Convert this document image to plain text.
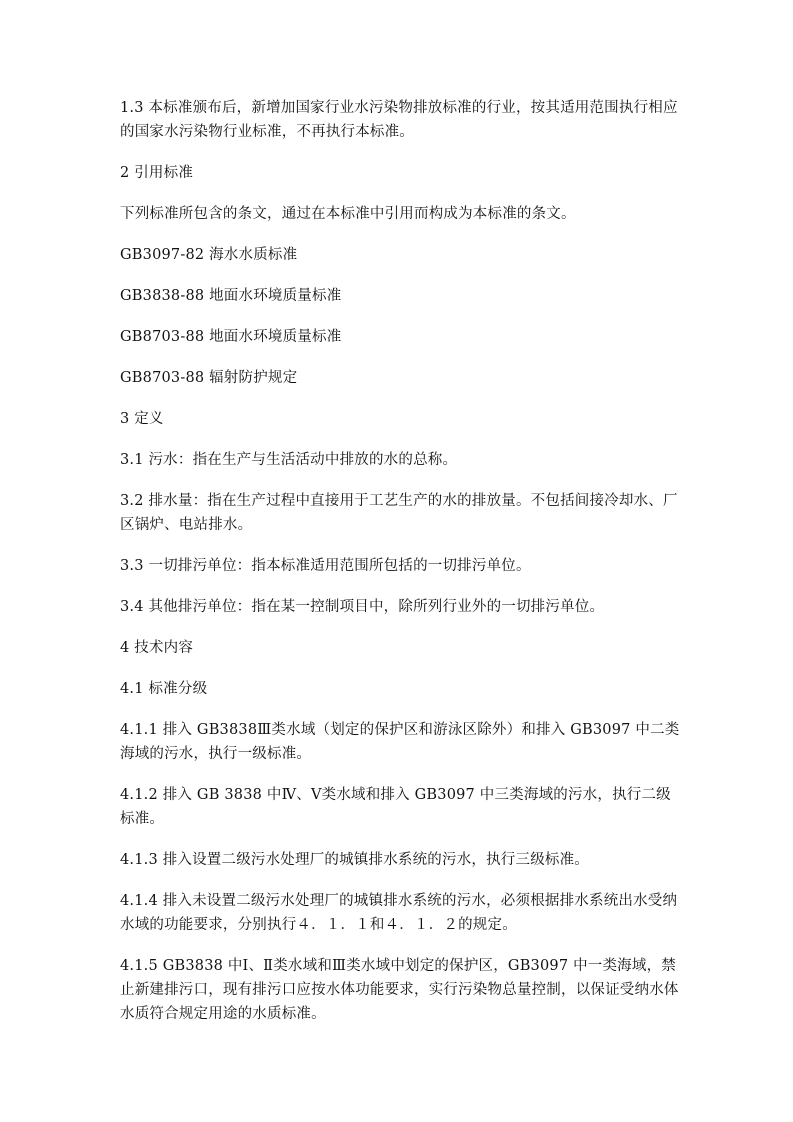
1.3 本标准颁布后，新增加国家行业水污染物排放标准的行业，按其适用范围执行相应的国家水污染物行业标准，不再执行本标准。

2 引用标准

下列标准所包含的条文，通过在本标准中引用而构成为本标准的条文。

GB3097-82 海水水质标准

GB3838-88 地面水环境质量标准

GB8703-88 地面水环境质量标准

GB8703-88 辐射防护规定

3 定义

3.1 污水：指在生产与生活活动中排放的水的总称。

3.2 排水量：指在生产过程中直接用于工艺生产的水的排放量。不包括间接冷却水、厂区锅炉、电站排水。

3.3 一切排污单位：指本标准适用范围所包括的一切排污单位。

3.4 其他排污单位：指在某一控制项目中，除所列行业外的一切排污单位。

4 技术内容

4.1 标准分级

4.1.1 排入 GB3838Ⅲ类水域（划定的保护区和游泳区除外）和排入 GB3097 中二类海域的污水，执行一级标准。

4.1.2 排入 GB 3838 中Ⅳ、Ⅴ类水域和排入 GB3097 中三类海域的污水，执行二级标准。

4.1.3 排入设置二级污水处理厂的城镇排水系统的污水，执行三级标准。

4.1.4 排入未设置二级污水处理厂的城镇排水系统的污水，必须根据排水系统出水受纳水域的功能要求，分别执行４．１．１和４．１．２的规定。

4.1.5 GB3838 中Ⅰ、Ⅱ类水域和Ⅲ类水域中划定的保护区，GB3097 中一类海域，禁止新建排污口，现有排污口应按水体功能要求，实行污染物总量控制，以保证受纳水体水质符合规定用途的水质标准。
